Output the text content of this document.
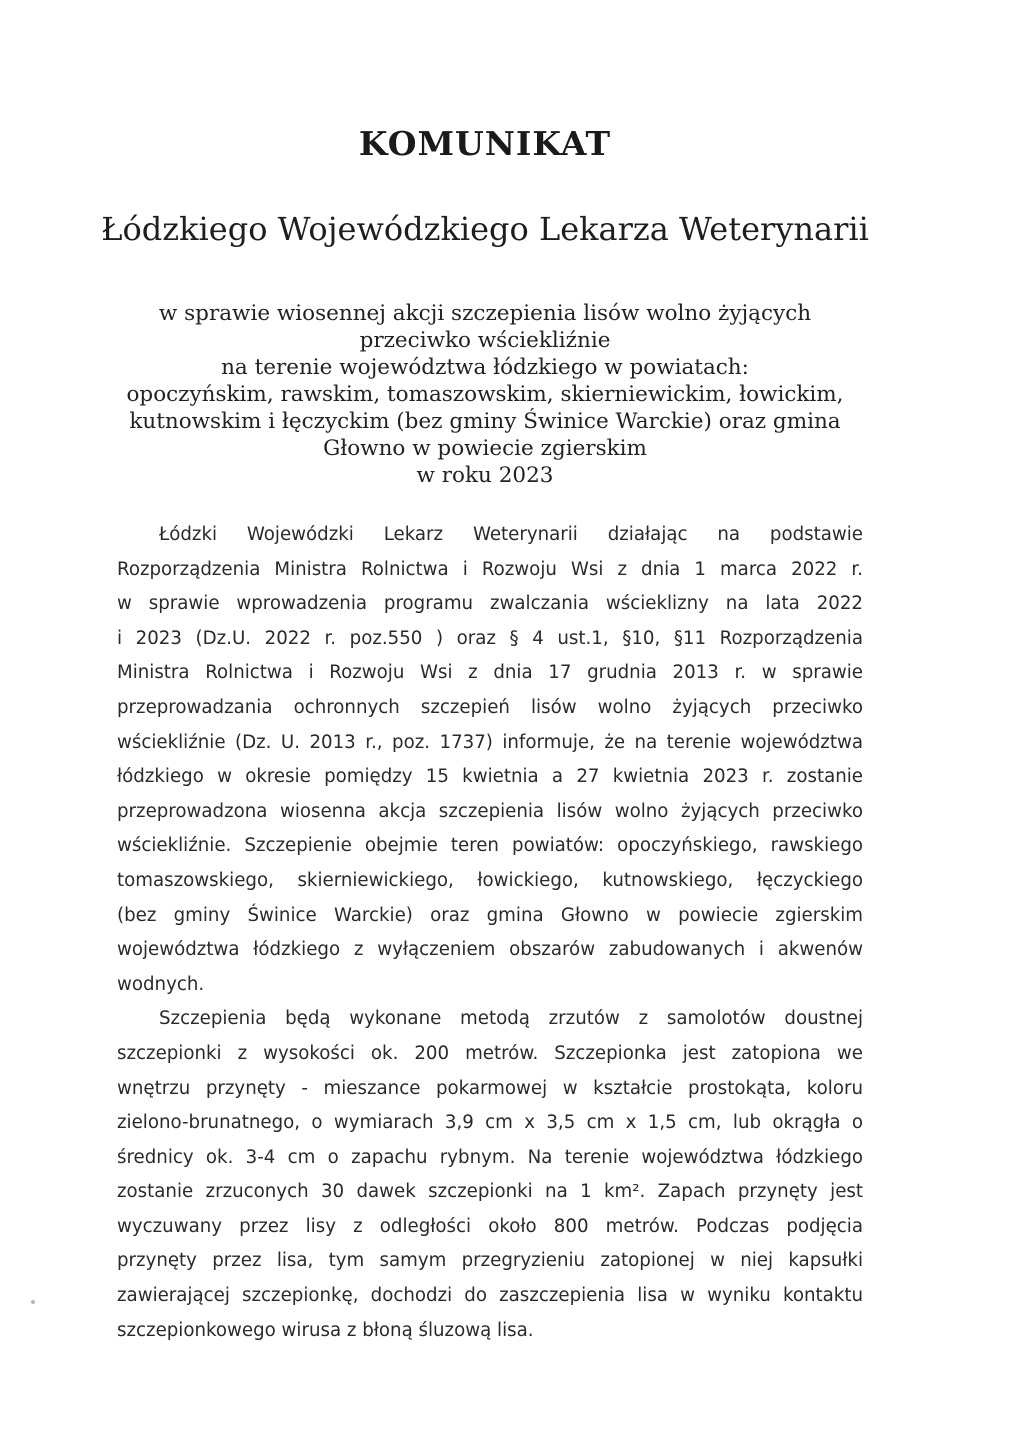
KOMUNIKAT
Łódzkiego Wojewódzkiego Lekarza Weterynarii
w sprawie wiosennej akcji szczepienia lisów wolno żyjących
przeciwko wściekliźnie
na terenie województwa łódzkiego w powiatach:
opoczyńskim, rawskim, tomaszowskim, skierniewickim, łowickim,
kutnowskim i łęczyckim (bez gminy Świnice Warckie) oraz gmina
Głowno w powiecie zgierskim
w roku 2023
Łódzki Wojewódzki Lekarz Weterynarii działając na podstawie
Rozporządzenia Ministra Rolnictwa i Rozwoju Wsi z dnia 1 marca 2022 r.
w sprawie wprowadzenia programu zwalczania wścieklizny na lata 2022
i 2023 (Dz.U. 2022 r. poz.550 ) oraz § 4 ust.1, §10, §11 Rozporządzenia
Ministra Rolnictwa i Rozwoju Wsi z dnia 17 grudnia 2013 r. w sprawie
przeprowadzania ochronnych szczepień lisów wolno żyjących przeciwko
wściekliźnie (Dz. U. 2013 r., poz. 1737) informuje, że na terenie województwa
łódzkiego w okresie pomiędzy 15 kwietnia a 27 kwietnia 2023 r. zostanie
przeprowadzona wiosenna akcja szczepienia lisów wolno żyjących przeciwko
wściekliźnie. Szczepienie obejmie teren powiatów: opoczyńskiego, rawskiego
tomaszowskiego, skierniewickiego, łowickiego, kutnowskiego, łęczyckiego
(bez gminy Świnice Warckie) oraz gmina Głowno w powiecie zgierskim
województwa łódzkiego z wyłączeniem obszarów zabudowanych i akwenów
wodnych.
Szczepienia będą wykonane metodą zrzutów z samolotów doustnej
szczepionki z wysokości ok. 200 metrów. Szczepionka jest zatopiona we
wnętrzu przynęty - mieszance pokarmowej w kształcie prostokąta, koloru
zielono-brunatnego, o wymiarach 3,9 cm x 3,5 cm x 1,5 cm, lub okrągła o
średnicy ok. 3-4 cm o zapachu rybnym. Na terenie województwa łódzkiego
zostanie zrzuconych 30 dawek szczepionki na 1 km². Zapach przynęty jest
wyczuwany przez lisy z odległości około 800 metrów. Podczas podjęcia
przynęty przez lisa, tym samym przegryzieniu zatopionej w niej kapsułki
zawierającej szczepionkę, dochodzi do zaszczepienia lisa w wyniku kontaktu
szczepionkowego wirusa z błoną śluzową lisa.
